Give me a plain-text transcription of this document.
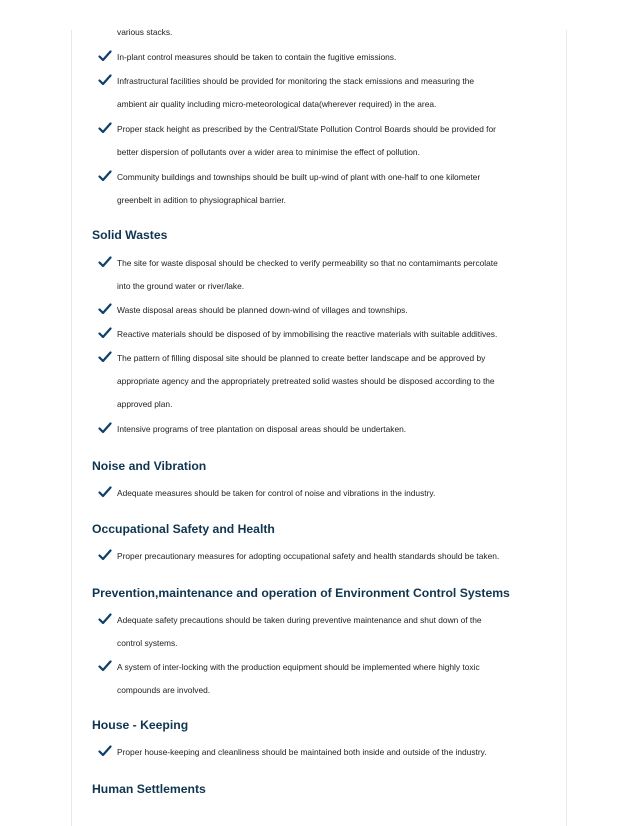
various stacks.
In-plant control measures should be taken to contain the fugitive emissions.
Infrastructural facilities should be provided for monitoring the stack emissions and measuring the
ambient air quality including micro-meteorological data(wherever required) in the area.
Proper stack height as prescribed by the Central/State Pollution Control Boards should be provided for
better dispersion of pollutants over a wider area to minimise the effect of pollution.
Community buildings and townships should be built up-wind of plant with one-half to one kilometer
greenbelt in adition to physiographical barrier.
Solid Wastes
The site for waste disposal should be checked to verify permeability so that no contamimants percolate
into the ground water or river/lake.
Waste disposal areas should be planned down-wind of villages and townships.
Reactive materials should be disposed of by immobilising the reactive materials with suitable additives.
The pattern of filling disposal site should be planned to create better landscape and be approved by
appropriate agency and the appropriately pretreated solid wastes should be disposed according to the
approved plan.
Intensive programs of tree plantation on disposal areas should be undertaken.
Noise and Vibration
Adequate measures should be taken for control of noise and vibrations in the industry.
Occupational Safety and Health
Proper precautionary measures for adopting occupational safety and health standards should be taken.
Prevention,maintenance and operation of Environment Control Systems
Adequate safety precautions should be taken during preventive maintenance and shut down of the
control systems.
A system of inter-locking with the production equipment should be implemented where highly toxic
compounds are involved.
House - Keeping
Proper house-keeping and cleanliness should be maintained both inside and outside of the industry.
Human Settlements
